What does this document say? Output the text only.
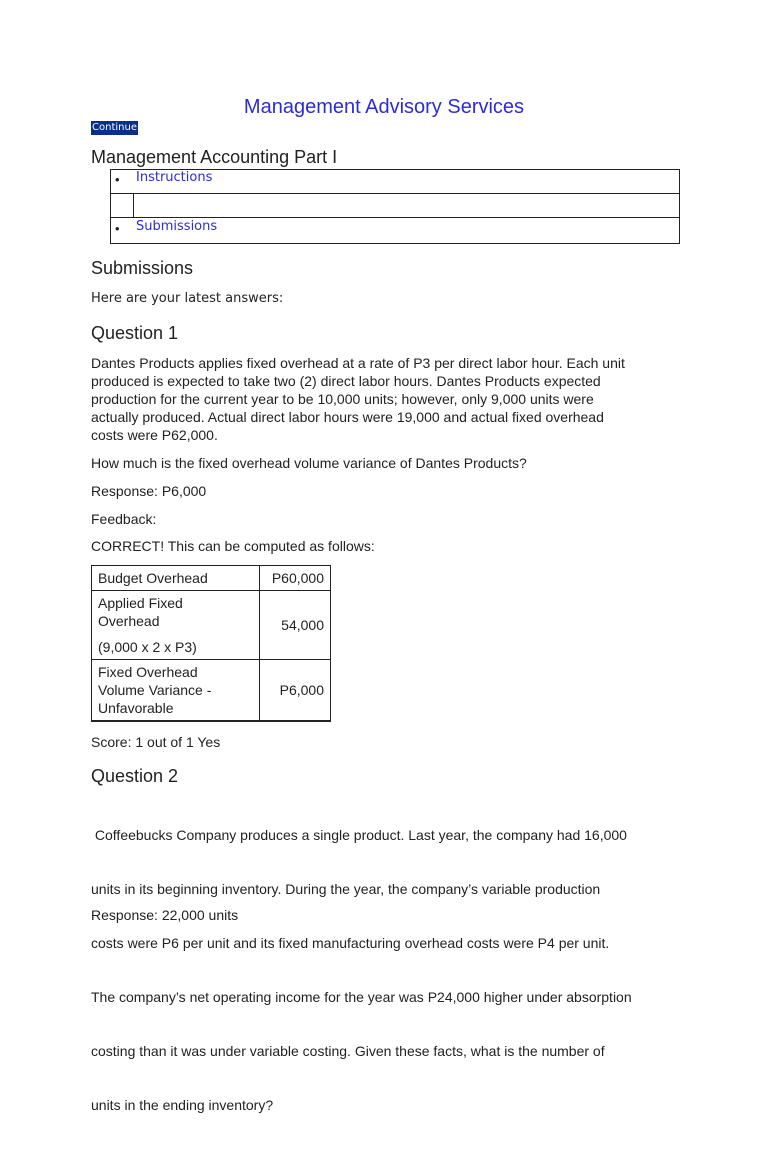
Management Advisory Services
Continue
Management Accounting Part I
• Instructions
• Submissions
Submissions
Here are your latest answers:
Question 1
Dantes Products applies fixed overhead at a rate of P3 per direct labor hour. Each unit
produced is expected to take two (2) direct labor hours. Dantes Products expected
production for the current year to be 10,000 units; however, only 9,000 units were
actually produced. Actual direct labor hours were 19,000 and actual fixed overhead
costs were P62,000.
How much is the fixed overhead volume variance of Dantes Products?
Response: P6,000
Feedback:
CORRECT! This can be computed as follows:
Budget Overhead	P60,000

Applied Fixed
Overhead
(9,000 x 2 x P3)	54,000

Fixed Overhead
Volume Variance -
Unfavorable	P6,000
Score: 1 out of 1 Yes
Question 2

Coffeebucks Company produces a single product. Last year, the company had 16,000

units in its beginning inventory. During the year, the company’s variable production

costs were P6 per unit and its fixed manufacturing overhead costs were P4 per unit.

The company’s net operating income for the year was P24,000 higher under absorption

costing than it was under variable costing. Given these facts, what is the number of

units in the ending inventory?

Response: 22,000 units
